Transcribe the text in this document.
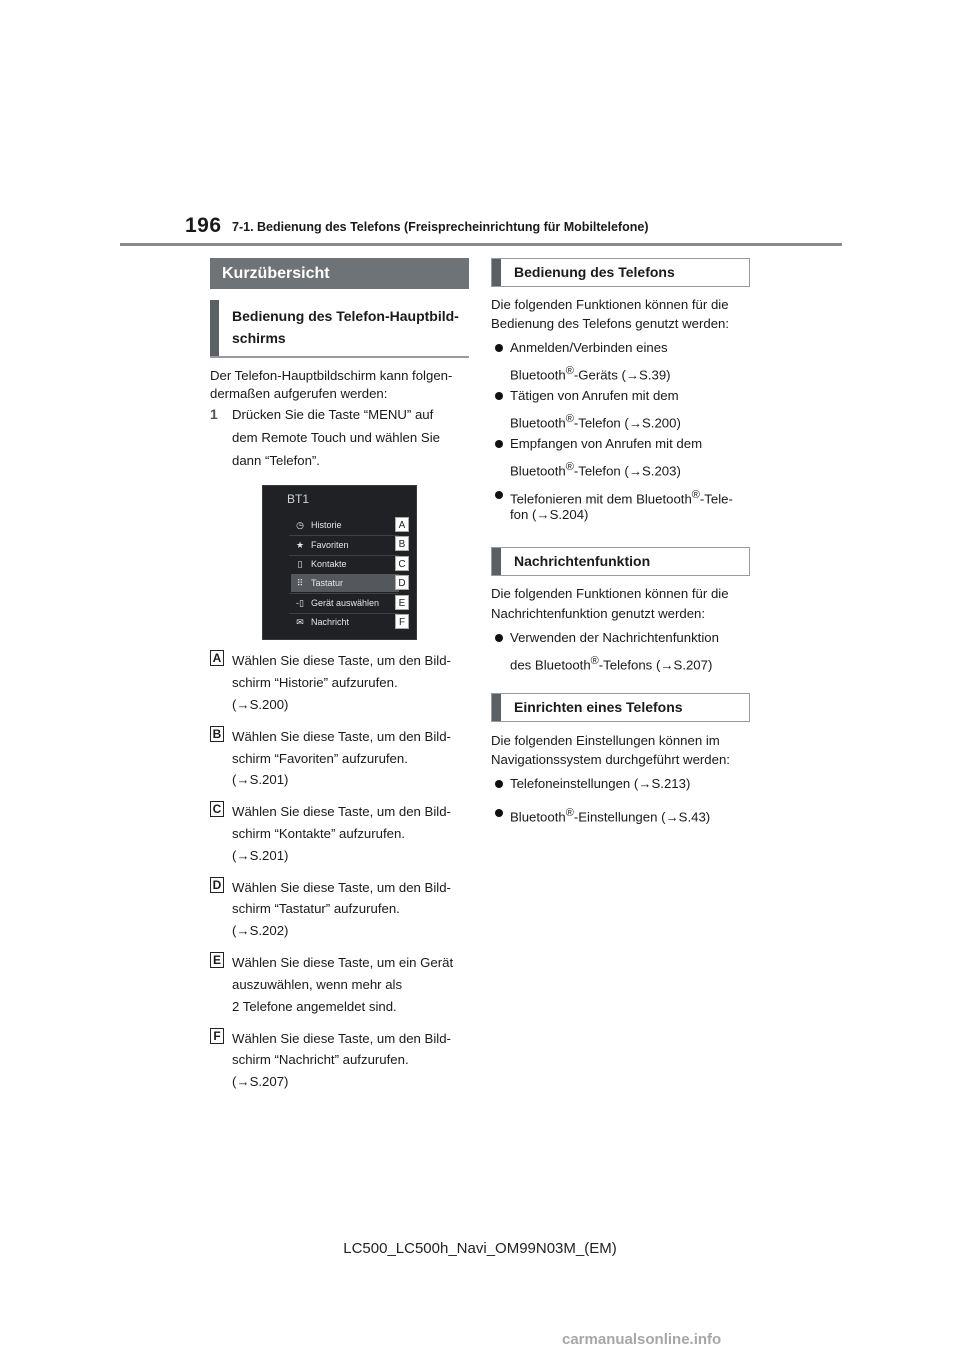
196 7-1. Bedienung des Telefons (Freisprecheinrichtung für Mobiltelefone)
Kurzübersicht
Bedienung des Telefon-Hauptbild-
schirms
Der Telefon-Hauptbildschirm kann folgen-
dermaßen aufgerufen werden:
1 Drücken Sie die Taste “MENU” auf
dem Remote Touch und wählen Sie
dann “Telefon”.
BT1
◷ Historie
★ Favoriten
▯ Kontakte
⠿ Tastatur
‑▯ Gerät auswählen
✉ Nachricht
A
B
C
D
E
F
A Wählen Sie diese Taste, um den Bild-
schirm “Historie” aufzurufen.
(→S.200)
B Wählen Sie diese Taste, um den Bild-
schirm “Favoriten” aufzurufen.
(→S.201)
C Wählen Sie diese Taste, um den Bild-
schirm “Kontakte” aufzurufen.
(→S.201)
D Wählen Sie diese Taste, um den Bild-
schirm “Tastatur” aufzurufen.
(→S.202)
E Wählen Sie diese Taste, um ein Gerät
auszuwählen, wenn mehr als
2 Telefone angemeldet sind.
F Wählen Sie diese Taste, um den Bild-
schirm “Nachricht” aufzurufen.
(→S.207)
Bedienung des Telefons
Die folgenden Funktionen können für die
Bedienung des Telefons genutzt werden:
Anmelden/Verbinden eines
Bluetooth®-Geräts (→S.39)
Tätigen von Anrufen mit dem
Bluetooth®-Telefon (→S.200)
Empfangen von Anrufen mit dem
Bluetooth®-Telefon (→S.203)
Telefonieren mit dem Bluetooth®-Tele-
fon (→S.204)
Nachrichtenfunktion
Die folgenden Funktionen können für die
Nachrichtenfunktion genutzt werden:
Verwenden der Nachrichtenfunktion
des Bluetooth®-Telefons (→S.207)
Einrichten eines Telefons
Die folgenden Einstellungen können im
Navigationssystem durchgeführt werden:
Telefoneinstellungen (→S.213)
Bluetooth®-Einstellungen (→S.43)
LC500_LC500h_Navi_OM99N03M_(EM)
carmanualsonline.info
